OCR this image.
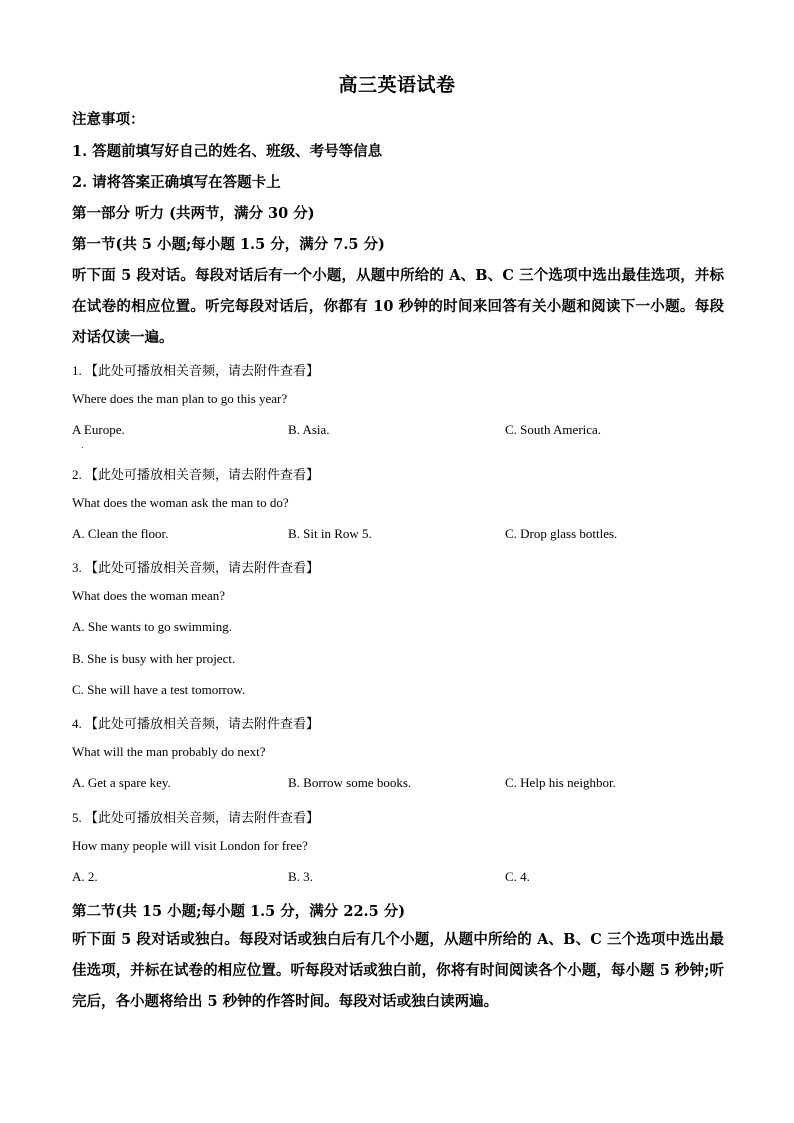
高三英语试卷
注意事项：
1. 答题前填写好自己的姓名、班级、考号等信息
2. 请将答案正确填写在答题卡上
第一部分 听力 (共两节，满分 30 分)
第一节(共 5 小题;每小题 1.5 分，满分 7.5 分)
听下面 5 段对话。每段对话后有一个小题，从题中所给的 A、B、C 三个选项中选出最佳选项，并标在试卷的相应位置。听完每段对话后，你都有 10 秒钟的时间来回答有关小题和阅读下一小题。每段对话仅读一遍。
1. 【此处可播放相关音频，请去附件查看】
Where does the man plan to go this year?
A Europe.	B. Asia.	C. South America.
.
2. 【此处可播放相关音频，请去附件查看】
What does the woman ask the man to do?
A. Clean the floor.	B. Sit in Row 5.	C. Drop glass bottles.
3. 【此处可播放相关音频，请去附件查看】
What does the woman mean?
A. She wants to go swimming.
B. She is busy with her project.
C. She will have a test tomorrow.
4. 【此处可播放相关音频，请去附件查看】
What will the man probably do next?
A. Get a spare key.	B. Borrow some books.	C. Help his neighbor.
5. 【此处可播放相关音频，请去附件查看】
How many people will visit London for free?
A. 2.	B. 3.	C. 4.
第二节(共 15 小题;每小题 1.5 分，满分 22.5 分)
听下面 5 段对话或独白。每段对话或独白后有几个小题，从题中所给的 A、B、C 三个选项中选出最佳选项，并标在试卷的相应位置。听每段对话或独白前，你将有时间阅读各个小题，每小题 5 秒钟;听完后，各小题将给出 5 秒钟的作答时间。每段对话或独白读两遍。
